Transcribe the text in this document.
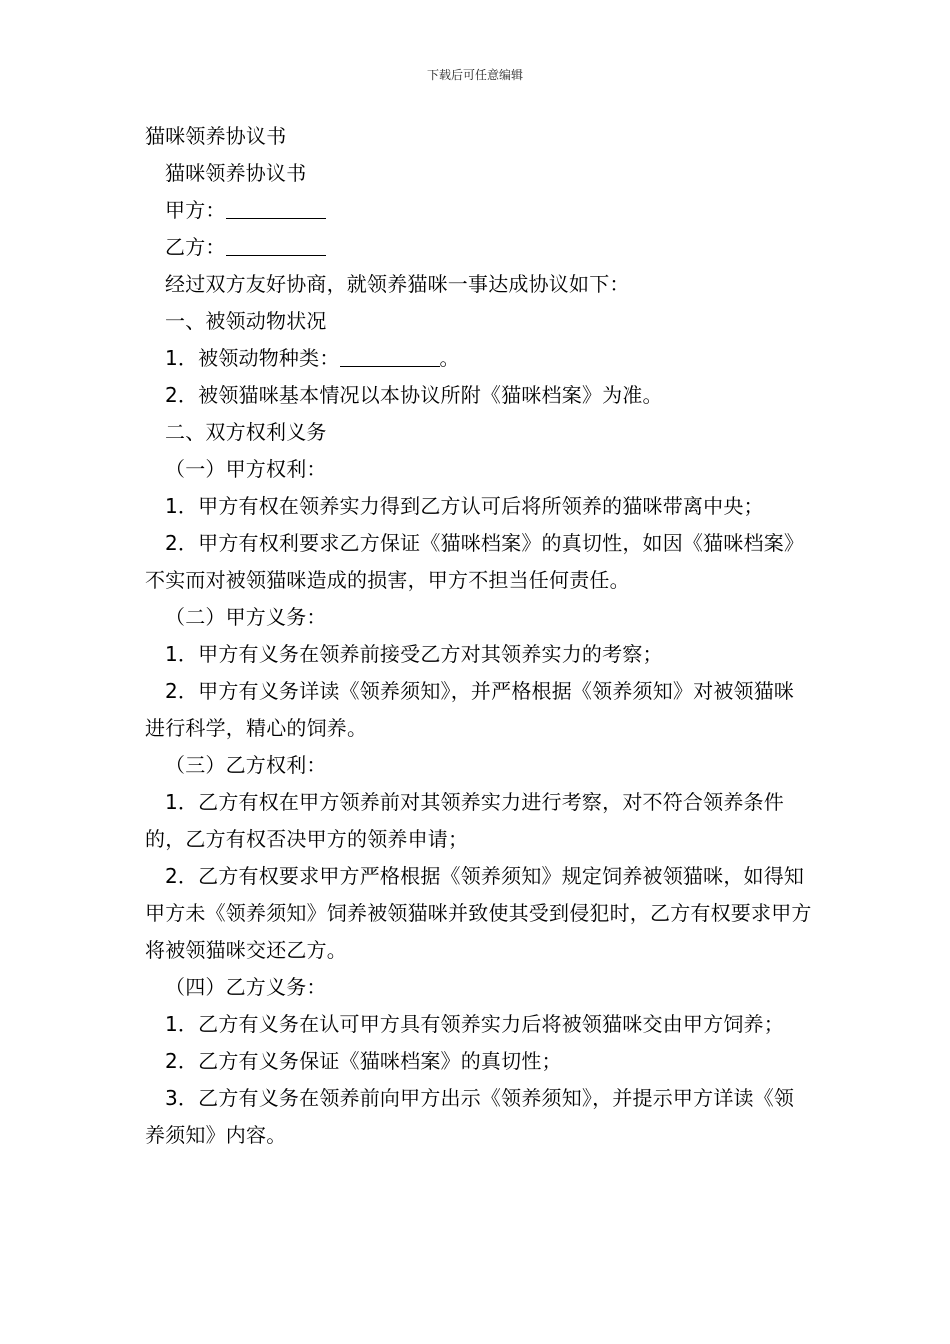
下载后可任意编辑

猫咪领养协议书

猫咪领养协议书

甲方：

乙方：

经过双方友好协商，就领养猫咪一事达成协议如下：

一、被领动物状况

1．被领动物种类：	。

2．被领猫咪基本情况以本协议所附《猫咪档案》为准。

二、双方权利义务

（一）甲方权利：

1．甲方有权在领养实力得到乙方认可后将所领养的猫咪带离中央；

2．甲方有权利要求乙方保证《猫咪档案》的真切性，如因《猫咪档案》不实而对被领猫咪造成的损害，甲方不担当任何责任。

（二）甲方义务：

1．甲方有义务在领养前接受乙方对其领养实力的考察；

2．甲方有义务详读《领养须知》，并严格根据《领养须知》对被领猫咪进行科学，精心的饲养。

（三）乙方权利：

1．乙方有权在甲方领养前对其领养实力进行考察，对不符合领养条件的，乙方有权否决甲方的领养申请；

2．乙方有权要求甲方严格根据《领养须知》规定饲养被领猫咪，如得知甲方未《领养须知》饲养被领猫咪并致使其受到侵犯时，乙方有权要求甲方将被领猫咪交还乙方。

（四）乙方义务：

1．乙方有义务在认可甲方具有领养实力后将被领猫咪交由甲方饲养；

2．乙方有义务保证《猫咪档案》的真切性；

3．乙方有义务在领养前向甲方出示《领养须知》，并提示甲方详读《领养须知》内容。
